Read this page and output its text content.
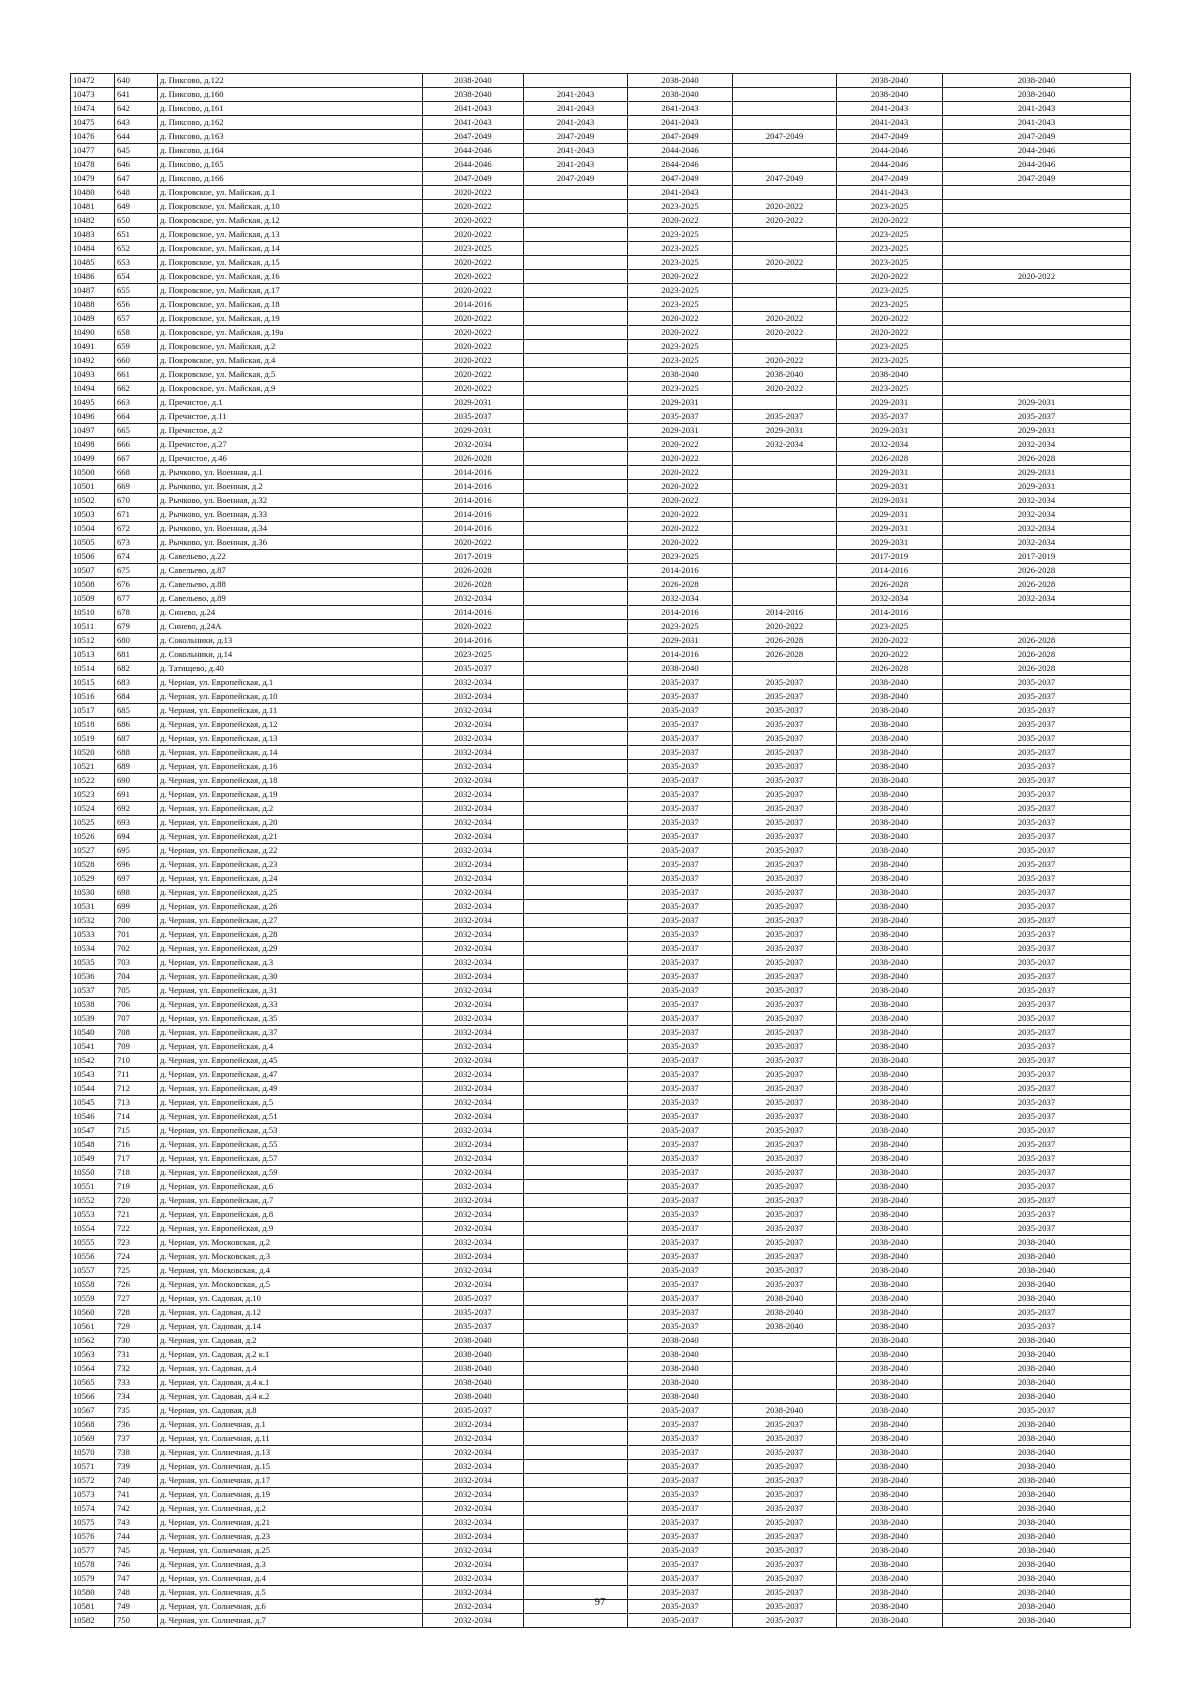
10472	640	д. Пиксово, д.122	2038-2040		2038-2040		2038-2040	2038-2040
10473	641	д. Пиксово, д.160	2038-2040	2041-2043	2038-2040		2038-2040	2038-2040
10474	642	д. Пиксово, д.161	2041-2043	2041-2043	2041-2043		2041-2043	2041-2043
10475	643	д. Пиксово, д.162	2041-2043	2041-2043	2041-2043		2041-2043	2041-2043
10476	644	д. Пиксово, д.163	2047-2049	2047-2049	2047-2049	2047-2049	2047-2049	2047-2049
10477	645	д. Пиксово, д.164	2044-2046	2041-2043	2044-2046		2044-2046	2044-2046
10478	646	д. Пиксово, д.165	2044-2046	2041-2043	2044-2046		2044-2046	2044-2046
10479	647	д. Пиксово, д.166	2047-2049	2047-2049	2047-2049	2047-2049	2047-2049	2047-2049
10480	648	д. Покровское, ул. Майская, д.1	2020-2022		2041-2043		2041-2043	
10481	649	д. Покровское, ул. Майская, д.10	2020-2022		2023-2025	2020-2022	2023-2025	
10482	650	д. Покровское, ул. Майская, д.12	2020-2022		2020-2022	2020-2022	2020-2022	
10483	651	д. Покровское, ул. Майская, д.13	2020-2022		2023-2025		2023-2025	
10484	652	д. Покровское, ул. Майская, д.14	2023-2025		2023-2025		2023-2025	
10485	653	д. Покровское, ул. Майская, д.15	2020-2022		2023-2025	2020-2022	2023-2025	
10486	654	д. Покровское, ул. Майская, д.16	2020-2022		2020-2022		2020-2022	2020-2022
10487	655	д. Покровское, ул. Майская, д.17	2020-2022		2023-2025		2023-2025	
10488	656	д. Покровское, ул. Майская, д.18	2014-2016		2023-2025		2023-2025	
10489	657	д. Покровское, ул. Майская, д.19	2020-2022		2020-2022	2020-2022	2020-2022	
10490	658	д. Покровское, ул. Майская, д.19а	2020-2022		2020-2022	2020-2022	2020-2022	
10491	659	д. Покровское, ул. Майская, д.2	2020-2022		2023-2025		2023-2025	
10492	660	д. Покровское, ул. Майская, д.4	2020-2022		2023-2025	2020-2022	2023-2025	
10493	661	д. Покровское, ул. Майская, д.5	2020-2022		2038-2040	2038-2040	2038-2040	
10494	662	д. Покровское, ул. Майская, д.9	2020-2022		2023-2025	2020-2022	2023-2025	
10495	663	д. Пречистое, д.1	2029-2031		2029-2031		2029-2031	2029-2031
10496	664	д. Пречистое, д.11	2035-2037		2035-2037	2035-2037	2035-2037	2035-2037
10497	665	д. Пречистое, д.2	2029-2031		2029-2031	2029-2031	2029-2031	2029-2031
10498	666	д. Пречистое, д.27	2032-2034		2020-2022	2032-2034	2032-2034	2032-2034
10499	667	д. Пречистое, д.46	2026-2028		2020-2022		2026-2028	2026-2028
10500	668	д. Рычково, ул. Военная, д.1	2014-2016		2020-2022		2029-2031	2029-2031
10501	669	д. Рычково, ул. Военная, д.2	2014-2016		2020-2022		2029-2031	2029-2031
10502	670	д. Рычково, ул. Военная, д.32	2014-2016		2020-2022		2029-2031	2032-2034
10503	671	д. Рычково, ул. Военная, д.33	2014-2016		2020-2022		2029-2031	2032-2034
10504	672	д. Рычково, ул. Военная, д.34	2014-2016		2020-2022		2029-2031	2032-2034
10505	673	д. Рычково, ул. Военная, д.36	2020-2022		2020-2022		2029-2031	2032-2034
10506	674	д. Савельево, д.22	2017-2019		2023-2025		2017-2019	2017-2019
10507	675	д. Савельево, д.87	2026-2028		2014-2016		2014-2016	2026-2028
10508	676	д. Савельево, д.88	2026-2028		2026-2028		2026-2028	2026-2028
10509	677	д. Савельево, д.89	2032-2034		2032-2034		2032-2034	2032-2034
10510	678	д. Синево, д.24	2014-2016		2014-2016	2014-2016	2014-2016	
10511	679	д. Синево, д.24А	2020-2022		2023-2025	2020-2022	2023-2025	
10512	680	д. Сокольники, д.13	2014-2016		2029-2031	2026-2028	2020-2022	2026-2028
10513	681	д. Сокольники, д.14	2023-2025		2014-2016	2026-2028	2020-2022	2026-2028
10514	682	д. Татищево, д.40	2035-2037		2038-2040		2026-2028	2026-2028
10515	683	д. Черная, ул. Европейская, д.1	2032-2034		2035-2037	2035-2037	2038-2040	2035-2037
10516	684	д. Черная, ул. Европейская, д.10	2032-2034		2035-2037	2035-2037	2038-2040	2035-2037
10517	685	д. Черная, ул. Европейская, д.11	2032-2034		2035-2037	2035-2037	2038-2040	2035-2037
10518	686	д. Черная, ул. Европейская, д.12	2032-2034		2035-2037	2035-2037	2038-2040	2035-2037
10519	687	д. Черная, ул. Европейская, д.13	2032-2034		2035-2037	2035-2037	2038-2040	2035-2037
10520	688	д. Черная, ул. Европейская, д.14	2032-2034		2035-2037	2035-2037	2038-2040	2035-2037
10521	689	д. Черная, ул. Европейская, д.16	2032-2034		2035-2037	2035-2037	2038-2040	2035-2037
10522	690	д. Черная, ул. Европейская, д.18	2032-2034		2035-2037	2035-2037	2038-2040	2035-2037
10523	691	д. Черная, ул. Европейская, д.19	2032-2034		2035-2037	2035-2037	2038-2040	2035-2037
10524	692	д. Черная, ул. Европейская, д.2	2032-2034		2035-2037	2035-2037	2038-2040	2035-2037
10525	693	д. Черная, ул. Европейская, д.20	2032-2034		2035-2037	2035-2037	2038-2040	2035-2037
10526	694	д. Черная, ул. Европейская, д.21	2032-2034		2035-2037	2035-2037	2038-2040	2035-2037
10527	695	д. Черная, ул. Европейская, д.22	2032-2034		2035-2037	2035-2037	2038-2040	2035-2037
10528	696	д. Черная, ул. Европейская, д.23	2032-2034		2035-2037	2035-2037	2038-2040	2035-2037
10529	697	д. Черная, ул. Европейская, д.24	2032-2034		2035-2037	2035-2037	2038-2040	2035-2037
10530	698	д. Черная, ул. Европейская, д.25	2032-2034		2035-2037	2035-2037	2038-2040	2035-2037
10531	699	д. Черная, ул. Европейская, д.26	2032-2034		2035-2037	2035-2037	2038-2040	2035-2037
10532	700	д. Черная, ул. Европейская, д.27	2032-2034		2035-2037	2035-2037	2038-2040	2035-2037
10533	701	д. Черная, ул. Европейская, д.28	2032-2034		2035-2037	2035-2037	2038-2040	2035-2037
10534	702	д. Черная, ул. Европейская, д.29	2032-2034		2035-2037	2035-2037	2038-2040	2035-2037
10535	703	д. Черная, ул. Европейская, д.3	2032-2034		2035-2037	2035-2037	2038-2040	2035-2037
10536	704	д. Черная, ул. Европейская, д.30	2032-2034		2035-2037	2035-2037	2038-2040	2035-2037
10537	705	д. Черная, ул. Европейская, д.31	2032-2034		2035-2037	2035-2037	2038-2040	2035-2037
10538	706	д. Черная, ул. Европейская, д.33	2032-2034		2035-2037	2035-2037	2038-2040	2035-2037
10539	707	д. Черная, ул. Европейская, д.35	2032-2034		2035-2037	2035-2037	2038-2040	2035-2037
10540	708	д. Черная, ул. Европейская, д.37	2032-2034		2035-2037	2035-2037	2038-2040	2035-2037
10541	709	д. Черная, ул. Европейская, д.4	2032-2034		2035-2037	2035-2037	2038-2040	2035-2037
10542	710	д. Черная, ул. Европейская, д.45	2032-2034		2035-2037	2035-2037	2038-2040	2035-2037
10543	711	д. Черная, ул. Европейская, д.47	2032-2034		2035-2037	2035-2037	2038-2040	2035-2037
10544	712	д. Черная, ул. Европейская, д.49	2032-2034		2035-2037	2035-2037	2038-2040	2035-2037
10545	713	д. Черная, ул. Европейская, д.5	2032-2034		2035-2037	2035-2037	2038-2040	2035-2037
10546	714	д. Черная, ул. Европейская, д.51	2032-2034		2035-2037	2035-2037	2038-2040	2035-2037
10547	715	д. Черная, ул. Европейская, д.53	2032-2034		2035-2037	2035-2037	2038-2040	2035-2037
10548	716	д. Черная, ул. Европейская, д.55	2032-2034		2035-2037	2035-2037	2038-2040	2035-2037
10549	717	д. Черная, ул. Европейская, д.57	2032-2034		2035-2037	2035-2037	2038-2040	2035-2037
10550	718	д. Черная, ул. Европейская, д.59	2032-2034		2035-2037	2035-2037	2038-2040	2035-2037
10551	719	д. Черная, ул. Европейская, д.6	2032-2034		2035-2037	2035-2037	2038-2040	2035-2037
10552	720	д. Черная, ул. Европейская, д.7	2032-2034		2035-2037	2035-2037	2038-2040	2035-2037
10553	721	д. Черная, ул. Европейская, д.8	2032-2034		2035-2037	2035-2037	2038-2040	2035-2037
10554	722	д. Черная, ул. Европейская, д.9	2032-2034		2035-2037	2035-2037	2038-2040	2035-2037
10555	723	д. Черная, ул. Московская, д.2	2032-2034		2035-2037	2035-2037	2038-2040	2038-2040
10556	724	д. Черная, ул. Московская, д.3	2032-2034		2035-2037	2035-2037	2038-2040	2038-2040
10557	725	д. Черная, ул. Московская, д.4	2032-2034		2035-2037	2035-2037	2038-2040	2038-2040
10558	726	д. Черная, ул. Московская, д.5	2032-2034		2035-2037	2035-2037	2038-2040	2038-2040
10559	727	д. Черная, ул. Садовая, д.10	2035-2037		2035-2037	2038-2040	2038-2040	2038-2040
10560	728	д. Черная, ул. Садовая, д.12	2035-2037		2035-2037	2038-2040	2038-2040	2035-2037
10561	729	д. Черная, ул. Садовая, д.14	2035-2037		2035-2037	2038-2040	2038-2040	2035-2037
10562	730	д. Черная, ул. Садовая, д.2	2038-2040		2038-2040		2038-2040	2038-2040
10563	731	д. Черная, ул. Садовая, д.2 к.1	2038-2040		2038-2040		2038-2040	2038-2040
10564	732	д. Черная, ул. Садовая, д.4	2038-2040		2038-2040		2038-2040	2038-2040
10565	733	д. Черная, ул. Садовая, д.4 к.1	2038-2040		2038-2040		2038-2040	2038-2040
10566	734	д. Черная, ул. Садовая, д.4 к.2	2038-2040		2038-2040		2038-2040	2038-2040
10567	735	д. Черная, ул. Садовая, д.8	2035-2037		2035-2037	2038-2040	2038-2040	2035-2037
10568	736	д. Черная, ул. Солнечная, д.1	2032-2034		2035-2037	2035-2037	2038-2040	2038-2040
10569	737	д. Черная, ул. Солнечная, д.11	2032-2034		2035-2037	2035-2037	2038-2040	2038-2040
10570	738	д. Черная, ул. Солнечная, д.13	2032-2034		2035-2037	2035-2037	2038-2040	2038-2040
10571	739	д. Черная, ул. Солнечная, д.15	2032-2034		2035-2037	2035-2037	2038-2040	2038-2040
10572	740	д. Черная, ул. Солнечная, д.17	2032-2034		2035-2037	2035-2037	2038-2040	2038-2040
10573	741	д. Черная, ул. Солнечная, д.19	2032-2034		2035-2037	2035-2037	2038-2040	2038-2040
10574	742	д. Черная, ул. Солнечная, д.2	2032-2034		2035-2037	2035-2037	2038-2040	2038-2040
10575	743	д. Черная, ул. Солнечная, д.21	2032-2034		2035-2037	2035-2037	2038-2040	2038-2040
10576	744	д. Черная, ул. Солнечная, д.23	2032-2034		2035-2037	2035-2037	2038-2040	2038-2040
10577	745	д. Черная, ул. Солнечная, д.25	2032-2034		2035-2037	2035-2037	2038-2040	2038-2040
10578	746	д. Черная, ул. Солнечная, д.3	2032-2034		2035-2037	2035-2037	2038-2040	2038-2040
10579	747	д. Черная, ул. Солнечная, д.4	2032-2034		2035-2037	2035-2037	2038-2040	2038-2040
10580	748	д. Черная, ул. Солнечная, д.5	2032-2034		2035-2037	2035-2037	2038-2040	2038-2040
10581	749	д. Черная, ул. Солнечная, д.6	2032-2034		2035-2037	2035-2037	2038-2040	2038-2040
10582	750	д. Черная, ул. Солнечная, д.7	2032-2034		2035-2037	2035-2037	2038-2040	2038-2040
97
